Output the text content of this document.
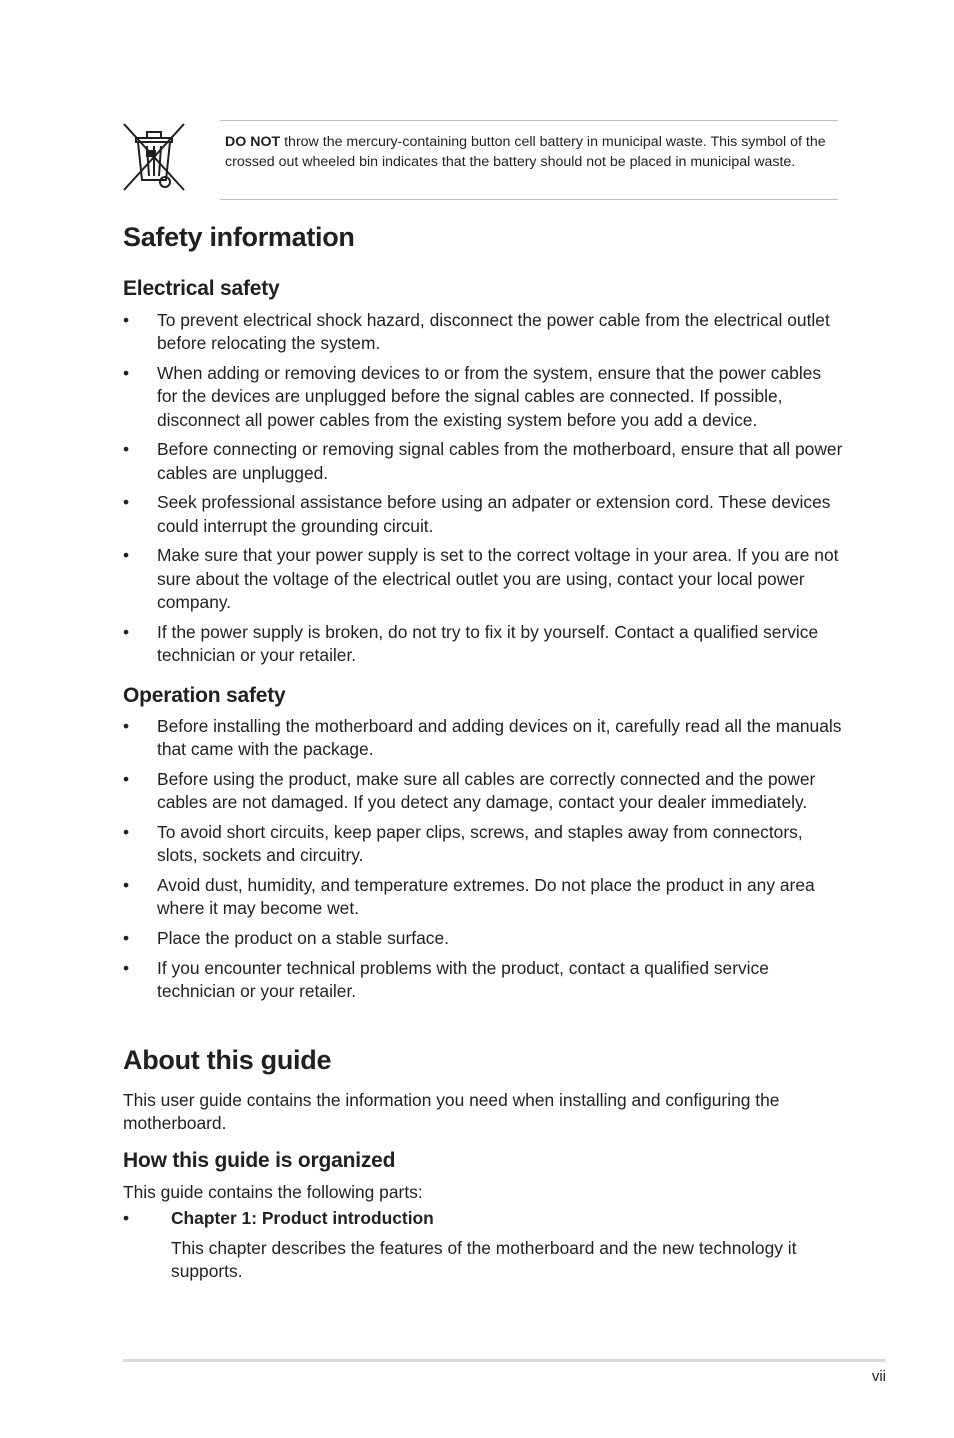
DO NOT throw the mercury-containing button cell battery in municipal waste. This symbol of the crossed out wheeled bin indicates that the battery should not be placed in municipal waste.
Safety information
Electrical safety
• To prevent electrical shock hazard, disconnect the power cable from the electrical outlet before relocating the system.
• When adding or removing devices to or from the system, ensure that the power cables for the devices are unplugged before the signal cables are connected. If possible, disconnect all power cables from the existing system before you add a device.
• Before connecting or removing signal cables from the motherboard, ensure that all power cables are unplugged.
• Seek professional assistance before using an adpater or extension cord. These devices could interrupt the grounding circuit.
• Make sure that your power supply is set to the correct voltage in your area. If you are not sure about the voltage of the electrical outlet you are using, contact your local power company.
• If the power supply is broken, do not try to fix it by yourself. Contact a qualified service technician or your retailer.
Operation safety
• Before installing the motherboard and adding devices on it, carefully read all the manuals that came with the package.
• Before using the product, make sure all cables are correctly connected and the power cables are not damaged. If you detect any damage, contact your dealer immediately.
• To avoid short circuits, keep paper clips, screws, and staples away from connectors, slots, sockets and circuitry.
• Avoid dust, humidity, and temperature extremes. Do not place the product in any area where it may become wet.
• Place the product on a stable surface.
• If you encounter technical problems with the product, contact a qualified service technician or your retailer.
About this guide

This user guide contains the information you need when installing and configuring the motherboard.

How this guide is organized

This guide contains the following parts:

• Chapter 1: Product introduction
This chapter describes the features of the motherboard and the new technology it supports.
vii
